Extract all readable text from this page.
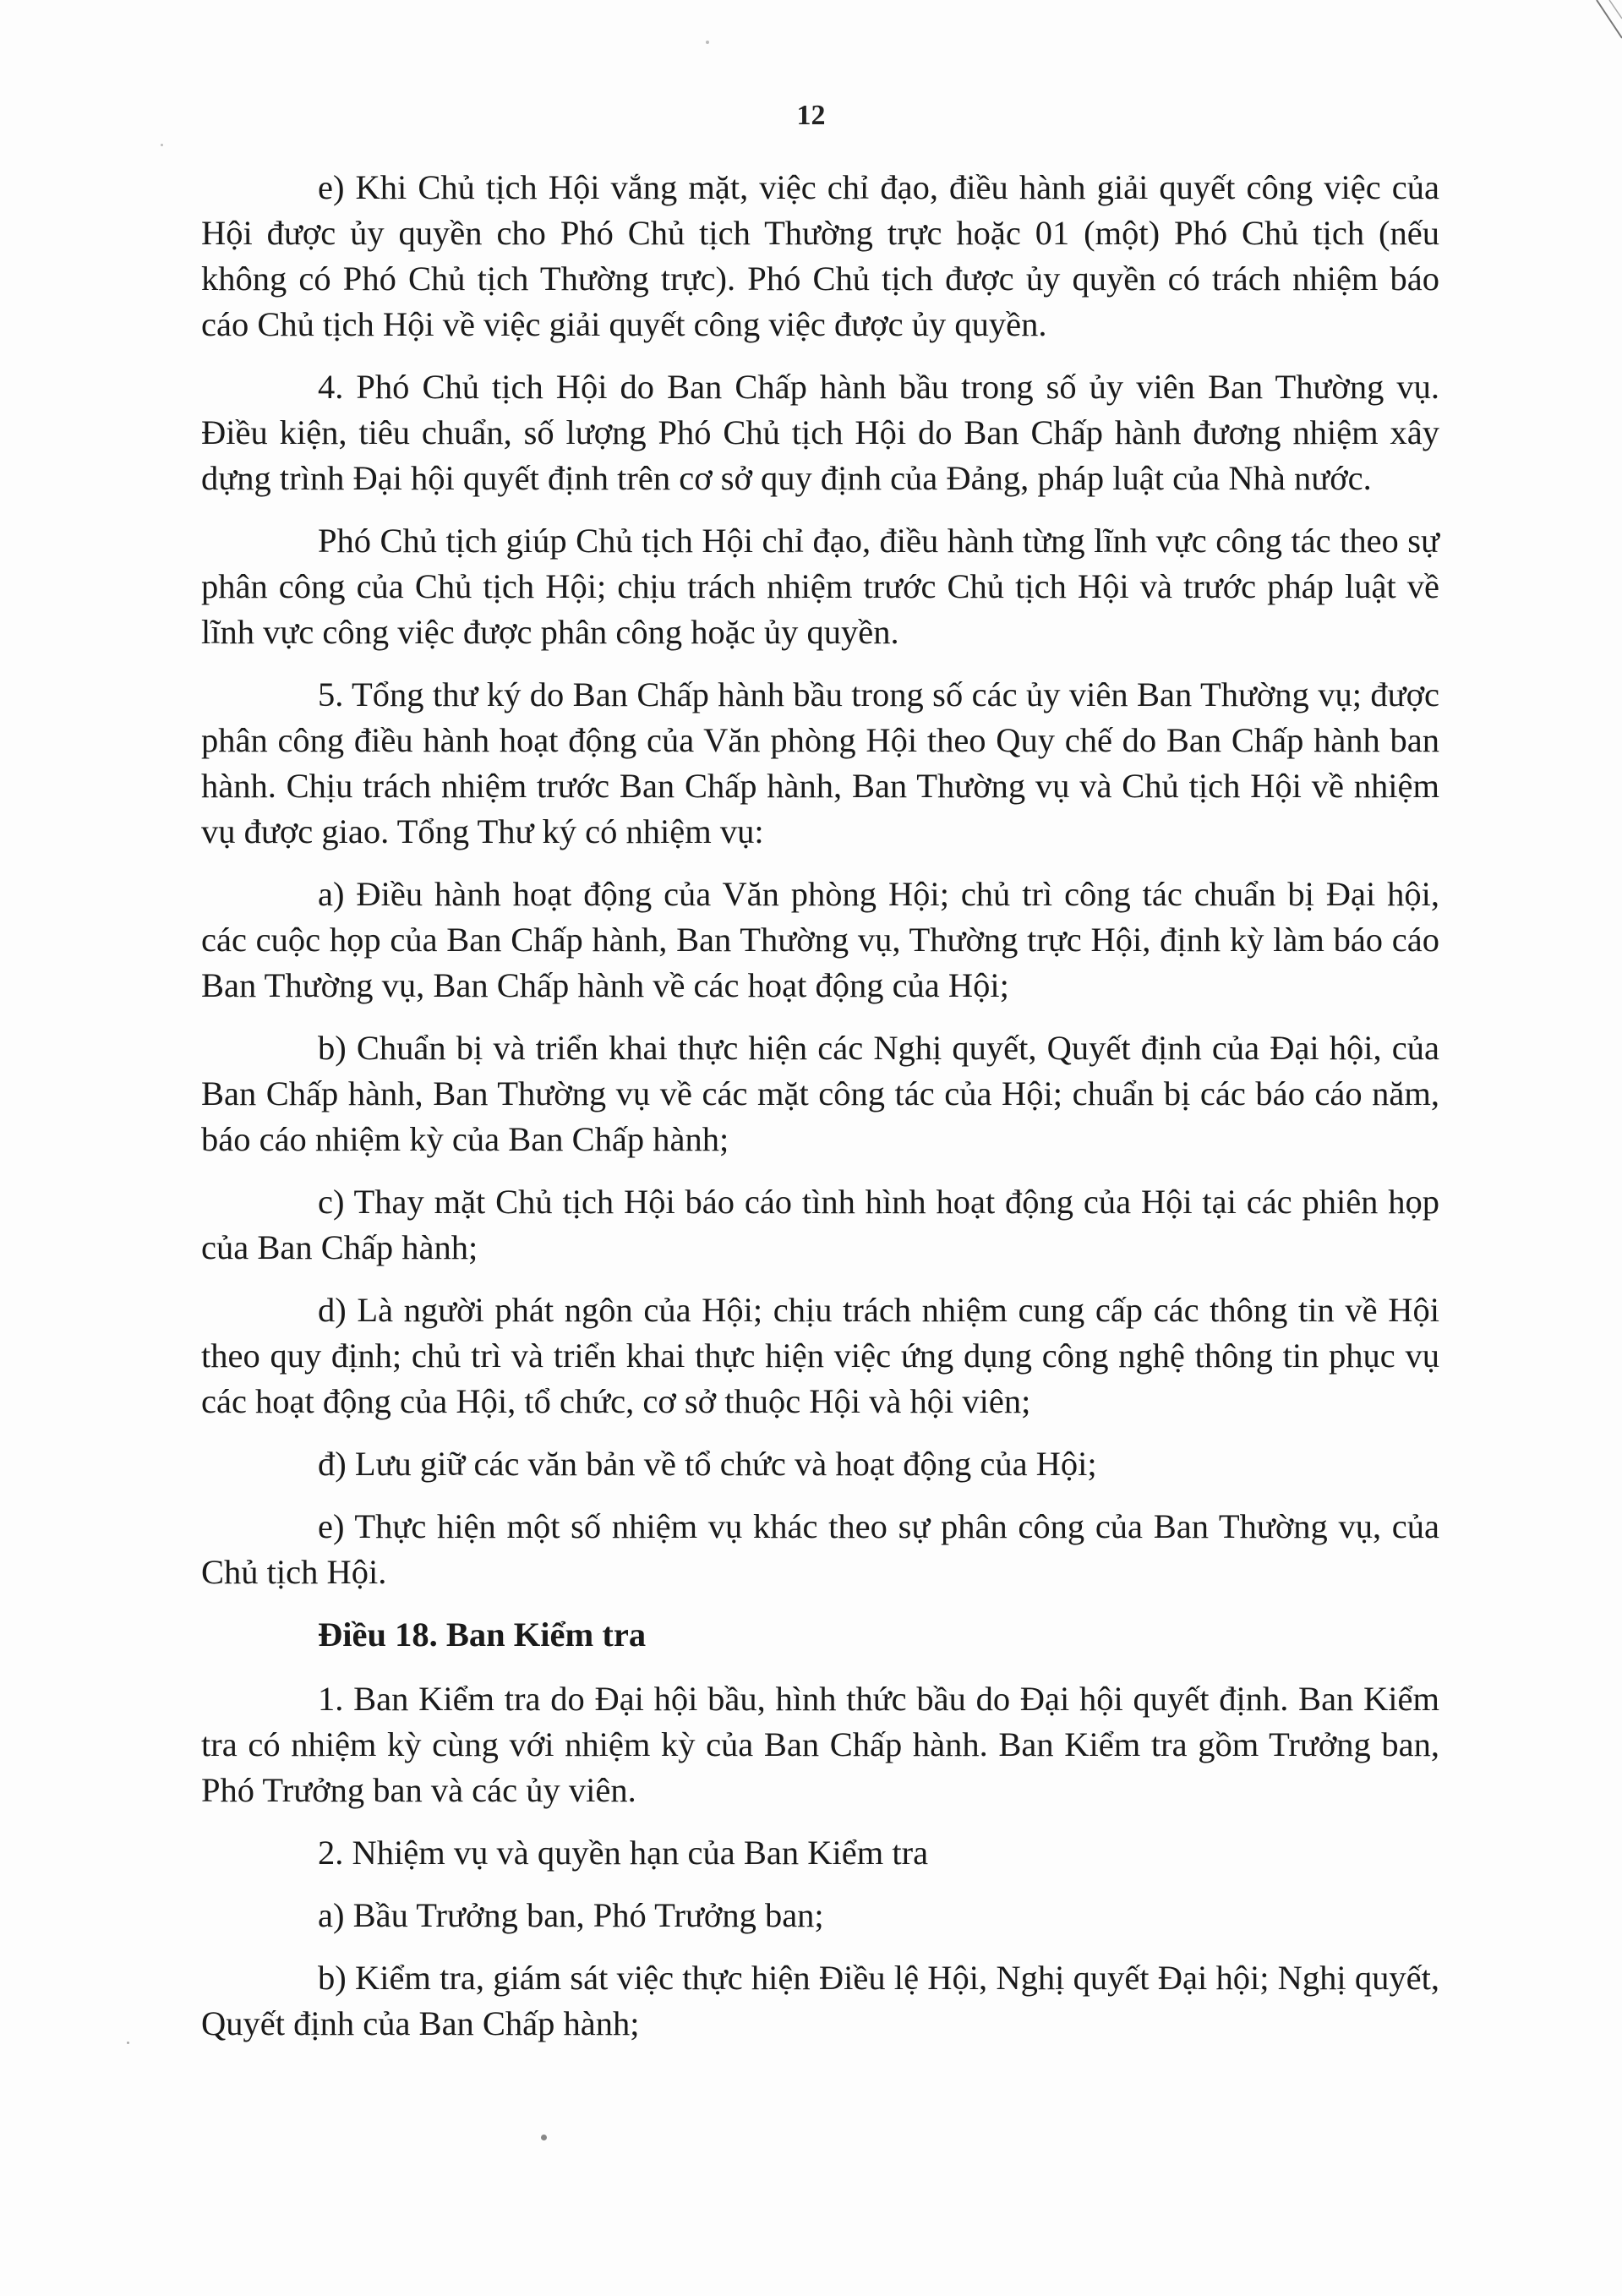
12

e) Khi Chủ tịch Hội vắng mặt, việc chỉ đạo, điều hành giải quyết công việc của Hội được ủy quyền cho Phó Chủ tịch Thường trực hoặc 01 (một) Phó Chủ tịch (nếu không có Phó Chủ tịch Thường trực). Phó Chủ tịch được ủy quyền có trách nhiệm báo cáo Chủ tịch Hội về việc giải quyết công việc được ủy quyền.

4. Phó Chủ tịch Hội do Ban Chấp hành bầu trong số ủy viên Ban Thường vụ. Điều kiện, tiêu chuẩn, số lượng Phó Chủ tịch Hội do Ban Chấp hành đương nhiệm xây dựng trình Đại hội quyết định trên cơ sở quy định của Đảng, pháp luật của Nhà nước.

Phó Chủ tịch giúp Chủ tịch Hội chỉ đạo, điều hành từng lĩnh vực công tác theo sự phân công của Chủ tịch Hội; chịu trách nhiệm trước Chủ tịch Hội và trước pháp luật về lĩnh vực công việc được phân công hoặc ủy quyền.

5. Tổng thư ký do Ban Chấp hành bầu trong số các ủy viên Ban Thường vụ; được phân công điều hành hoạt động của Văn phòng Hội theo Quy chế do Ban Chấp hành ban hành. Chịu trách nhiệm trước Ban Chấp hành, Ban Thường vụ và Chủ tịch Hội về nhiệm vụ được giao. Tổng Thư ký có nhiệm vụ:

a) Điều hành hoạt động của Văn phòng Hội; chủ trì công tác chuẩn bị Đại hội, các cuộc họp của Ban Chấp hành, Ban Thường vụ, Thường trực Hội, định kỳ làm báo cáo Ban Thường vụ, Ban Chấp hành về các hoạt động của Hội;

b) Chuẩn bị và triển khai thực hiện các Nghị quyết, Quyết định của Đại hội, của Ban Chấp hành, Ban Thường vụ về các mặt công tác của Hội; chuẩn bị các báo cáo năm, báo cáo nhiệm kỳ của Ban Chấp hành;

c) Thay mặt Chủ tịch Hội báo cáo tình hình hoạt động của Hội tại các phiên họp của Ban Chấp hành;

d) Là người phát ngôn của Hội; chịu trách nhiệm cung cấp các thông tin về Hội theo quy định; chủ trì và triển khai thực hiện việc ứng dụng công nghệ thông tin phục vụ các hoạt động của Hội, tổ chức, cơ sở thuộc Hội và hội viên;

đ) Lưu giữ các văn bản về tổ chức và hoạt động của Hội;

e) Thực hiện một số nhiệm vụ khác theo sự phân công của Ban Thường vụ, của Chủ tịch Hội.

Điều 18. Ban Kiểm tra

1. Ban Kiểm tra do Đại hội bầu, hình thức bầu do Đại hội quyết định. Ban Kiểm tra có nhiệm kỳ cùng với nhiệm kỳ của Ban Chấp hành. Ban Kiểm tra gồm Trưởng ban, Phó Trưởng ban và các ủy viên.

2. Nhiệm vụ và quyền hạn của Ban Kiểm tra

a) Bầu Trưởng ban, Phó Trưởng ban;

b) Kiểm tra, giám sát việc thực hiện Điều lệ Hội, Nghị quyết Đại hội; Nghị quyết, Quyết định của Ban Chấp hành;
